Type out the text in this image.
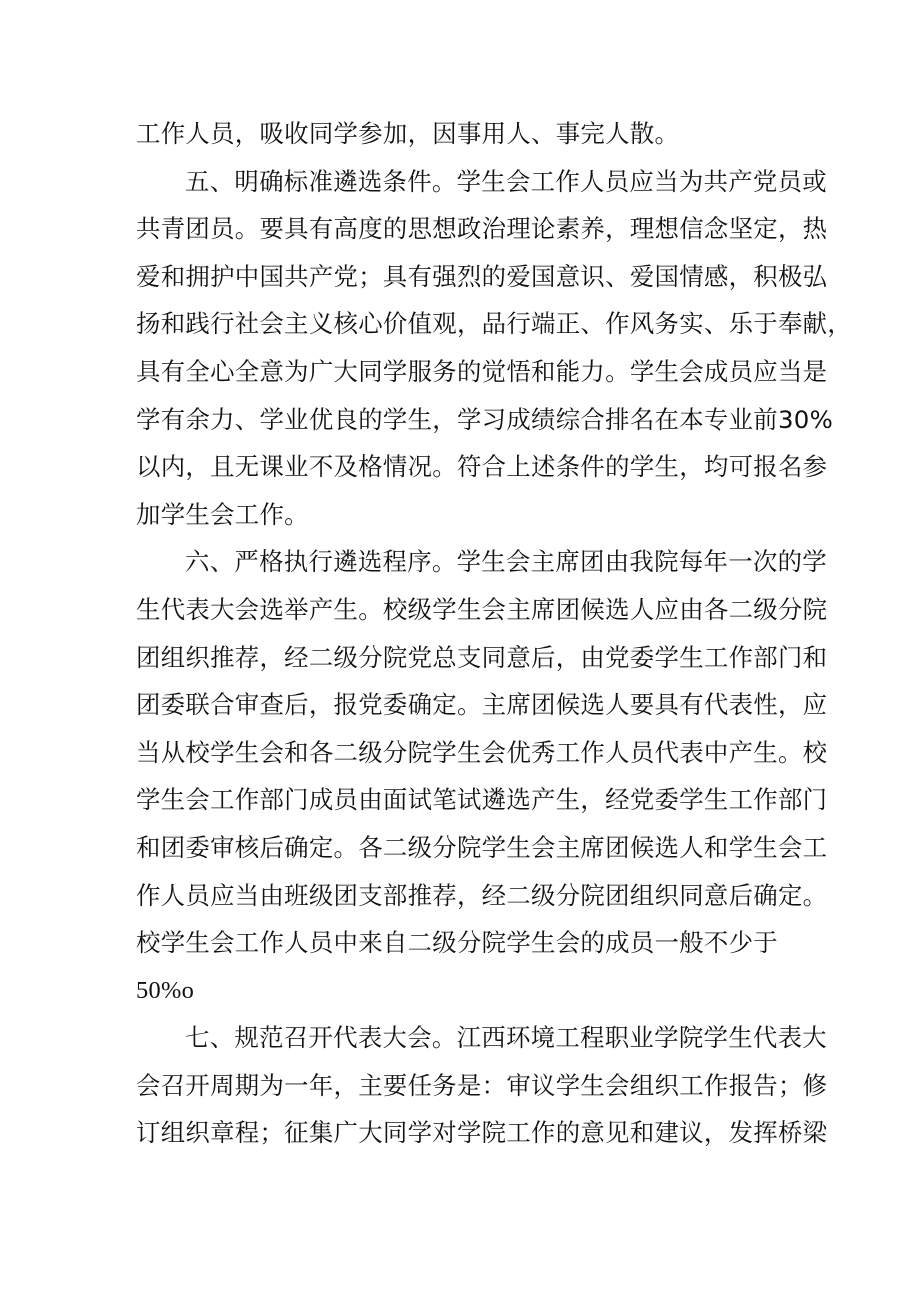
工作人员，吸收同学参加，因事用人、事完人散。
五、明确标准遴选条件。学生会工作人员应当为共产党员或
共青团员。要具有高度的思想政治理论素养，理想信念坚定，热
爱和拥护中国共产党；具有强烈的爱国意识、爱国情感，积极弘
扬和践行社会主义核心价值观，品行端正、作风务实、乐于奉献，
具有全心全意为广大同学服务的觉悟和能力。学生会成员应当是
学有余力、学业优良的学生，学习成绩综合排名在本专业前30%
以内，且无课业不及格情况。符合上述条件的学生，均可报名参
加学生会工作。
六、严格执行遴选程序。学生会主席团由我院每年一次的学
生代表大会选举产生。校级学生会主席团候选人应由各二级分院
团组织推荐，经二级分院党总支同意后，由党委学生工作部门和
团委联合审查后，报党委确定。主席团候选人要具有代表性，应
当从校学生会和各二级分院学生会优秀工作人员代表中产生。校
学生会工作部门成员由面试笔试遴选产生，经党委学生工作部门
和团委审核后确定。各二级分院学生会主席团候选人和学生会工
作人员应当由班级团支部推荐，经二级分院团组织同意后确定。
校学生会工作人员中来自二级分院学生会的成员一般不少于
50%o
七、规范召开代表大会。江西环境工程职业学院学生代表大
会召开周期为一年，主要任务是：审议学生会组织工作报告；修
订组织章程；征集广大同学对学院工作的意见和建议，发挥桥梁
